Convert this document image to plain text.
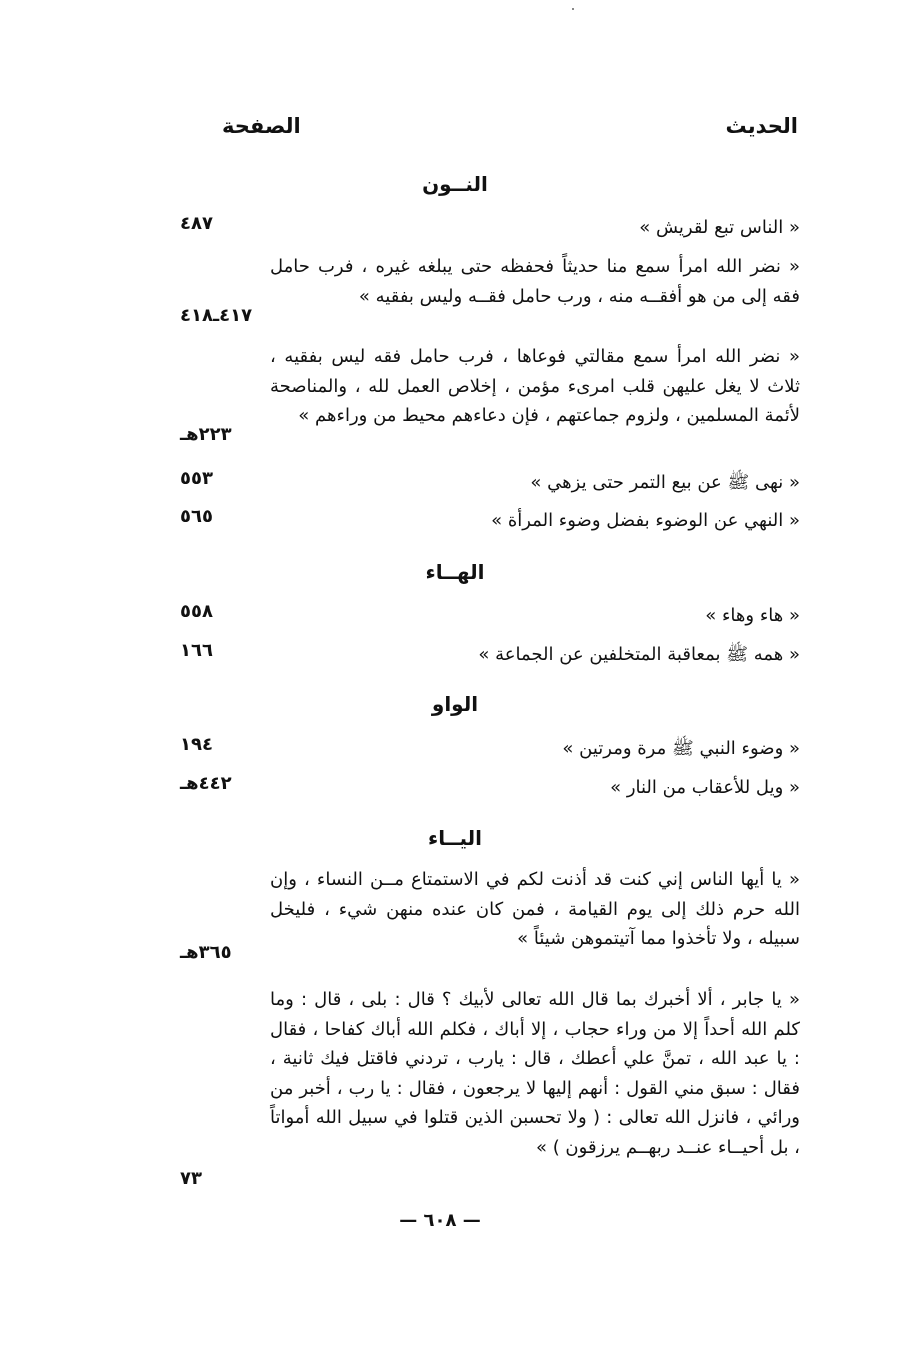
الحديث
الصفحة
النــون
« الناس تبع لقريش »
٤٨٧
« نضر الله امرأ سمع منا حديثاً فحفظه حتى يبلغه غيره ، فرب حامل فقه إلى من هو أفقــه منه ، ورب حامل فقــه وليس بفقيه »
٤١٧ـ٤١٨
« نضر الله امرأ سمع مقالتي فوعاها ، فرب حامل فقه ليس بفقيه ، ثلاث لا يغل عليهن قلب امرىء مؤمن ، إخلاص العمل لله ، والمناصحة لأئمة المسلمين ، ولزوم جماعتهم ، فإن دعاءهم محيط من وراءهم »
٢٢٣هـ
« نهى ﷺ عن بيع التمر حتى يزهي »
٥٥٣
« النهي عن الوضوء بفضل وضوء المرأة »
٥٦٥
الهــاء
« هاء وهاء »
٥٥٨
« همه ﷺ بمعاقبة المتخلفين عن الجماعة »
١٦٦
الواو
« وضوء النبي ﷺ مرة ومرتين »
١٩٤
« ويل للأعقاب من النار »
٤٤٢هـ
اليــاء
« يا أيها الناس إني كنت قد أذنت لكم في الاستمتاع مــن النساء ، وإن الله حرم ذلك إلى يوم القيامة ، فمن كان عنده منهن شيء ، فليخل سبيله ، ولا تأخذوا مما آتيتموهن شيئاً »
٣٦٥هـ
« يا جابر ، ألا أخبرك بما قال الله تعالى لأبيك ؟ قال : بلى ، قال : وما كلم الله أحداً إلا من وراء حجاب ، إلا أباك ، فكلم الله أباك كفاحا ، فقال : يا عبد الله ، تمنَّ علي أعطك ، قال : يارب ، تردني فاقتل فيك ثانية ، فقال : سبق مني القول : أنهم إليها لا يرجعون ، فقال : يا رب ، أخبر من ورائي ، فانزل الله تعالى : ( ولا تحسبن الذين قتلوا في سبيل الله أمواتاً ، بل أحيــاء عنــد ربهــم يرزقون ) »
٧٣
— ٦٠٨ —
